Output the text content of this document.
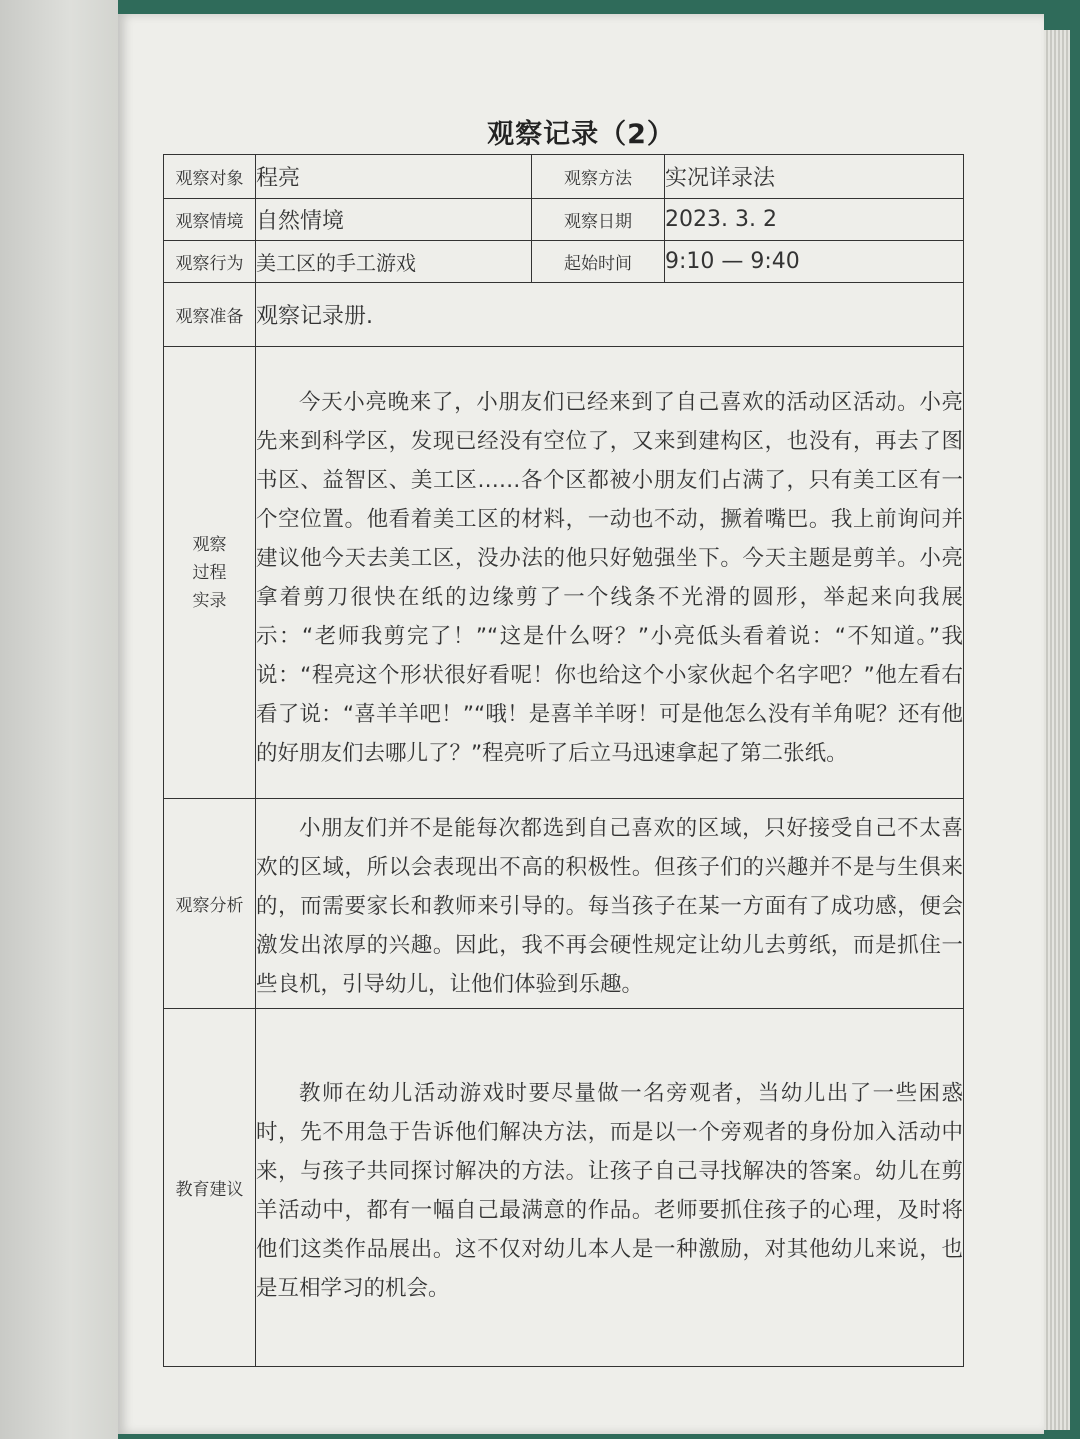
观察记录（2）
观察对象	程亮	观察方法	实况详录法
观察情境	自然情境	观察日期	2023. 3. 2
观察行为	美工区的手工游戏	起始时间	9:10 — 9:40
观察准备	观察记录册.		
观察过程实录	今天小亮晚来了，小朋友们已经来到了自己喜欢的活动区活动。小亮先来到科学区，发现已经没有空位了，又来到建构区，也没有，再去了图书区、益智区、美工区……各个区都被小朋友们占满了，只有美工区有一个空位置。他看着美工区的材料，一动也不动，撅着嘴巴。我上前询问并建议他今天去美工区，没办法的他只好勉强坐下。今天主题是剪羊。小亮拿着剪刀很快在纸的边缘剪了一个线条不光滑的圆形，举起来向我展示：“老师我剪完了！”“这是什么呀？”小亮低头看着说：“不知道。”我说：“程亮这个形状很好看呢！你也给这个小家伙起个名字吧？”他左看右看了说：“喜羊羊吧！”“哦！是喜羊羊呀！可是他怎么没有羊角呢？还有他的好朋友们去哪儿了？”程亮听了后立马迅速拿起了第二张纸。		

观察分析	小朋友们并不是能每次都选到自己喜欢的区域，只好接受自己不太喜欢的区域，所以会表现出不高的积极性。但孩子们的兴趣并不是与生俱来的，而需要家长和教师来引导的。每当孩子在某一方面有了成功感，便会激发出浓厚的兴趣。因此，我不再会硬性规定让幼儿去剪纸，而是抓住一些良机，引导幼儿，让他们体验到乐趣。		

教育建议	教师在幼儿活动游戏时要尽量做一名旁观者，当幼儿出了一些困惑时，先不用急于告诉他们解决方法，而是以一个旁观者的身份加入活动中来，与孩子共同探讨解决的方法。让孩子自己寻找解决的答案。幼儿在剪羊活动中，都有一幅自己最满意的作品。老师要抓住孩子的心理，及时将他们这类作品展出。这不仅对幼儿本人是一种激励，对其他幼儿来说，也是互相学习的机会。		
